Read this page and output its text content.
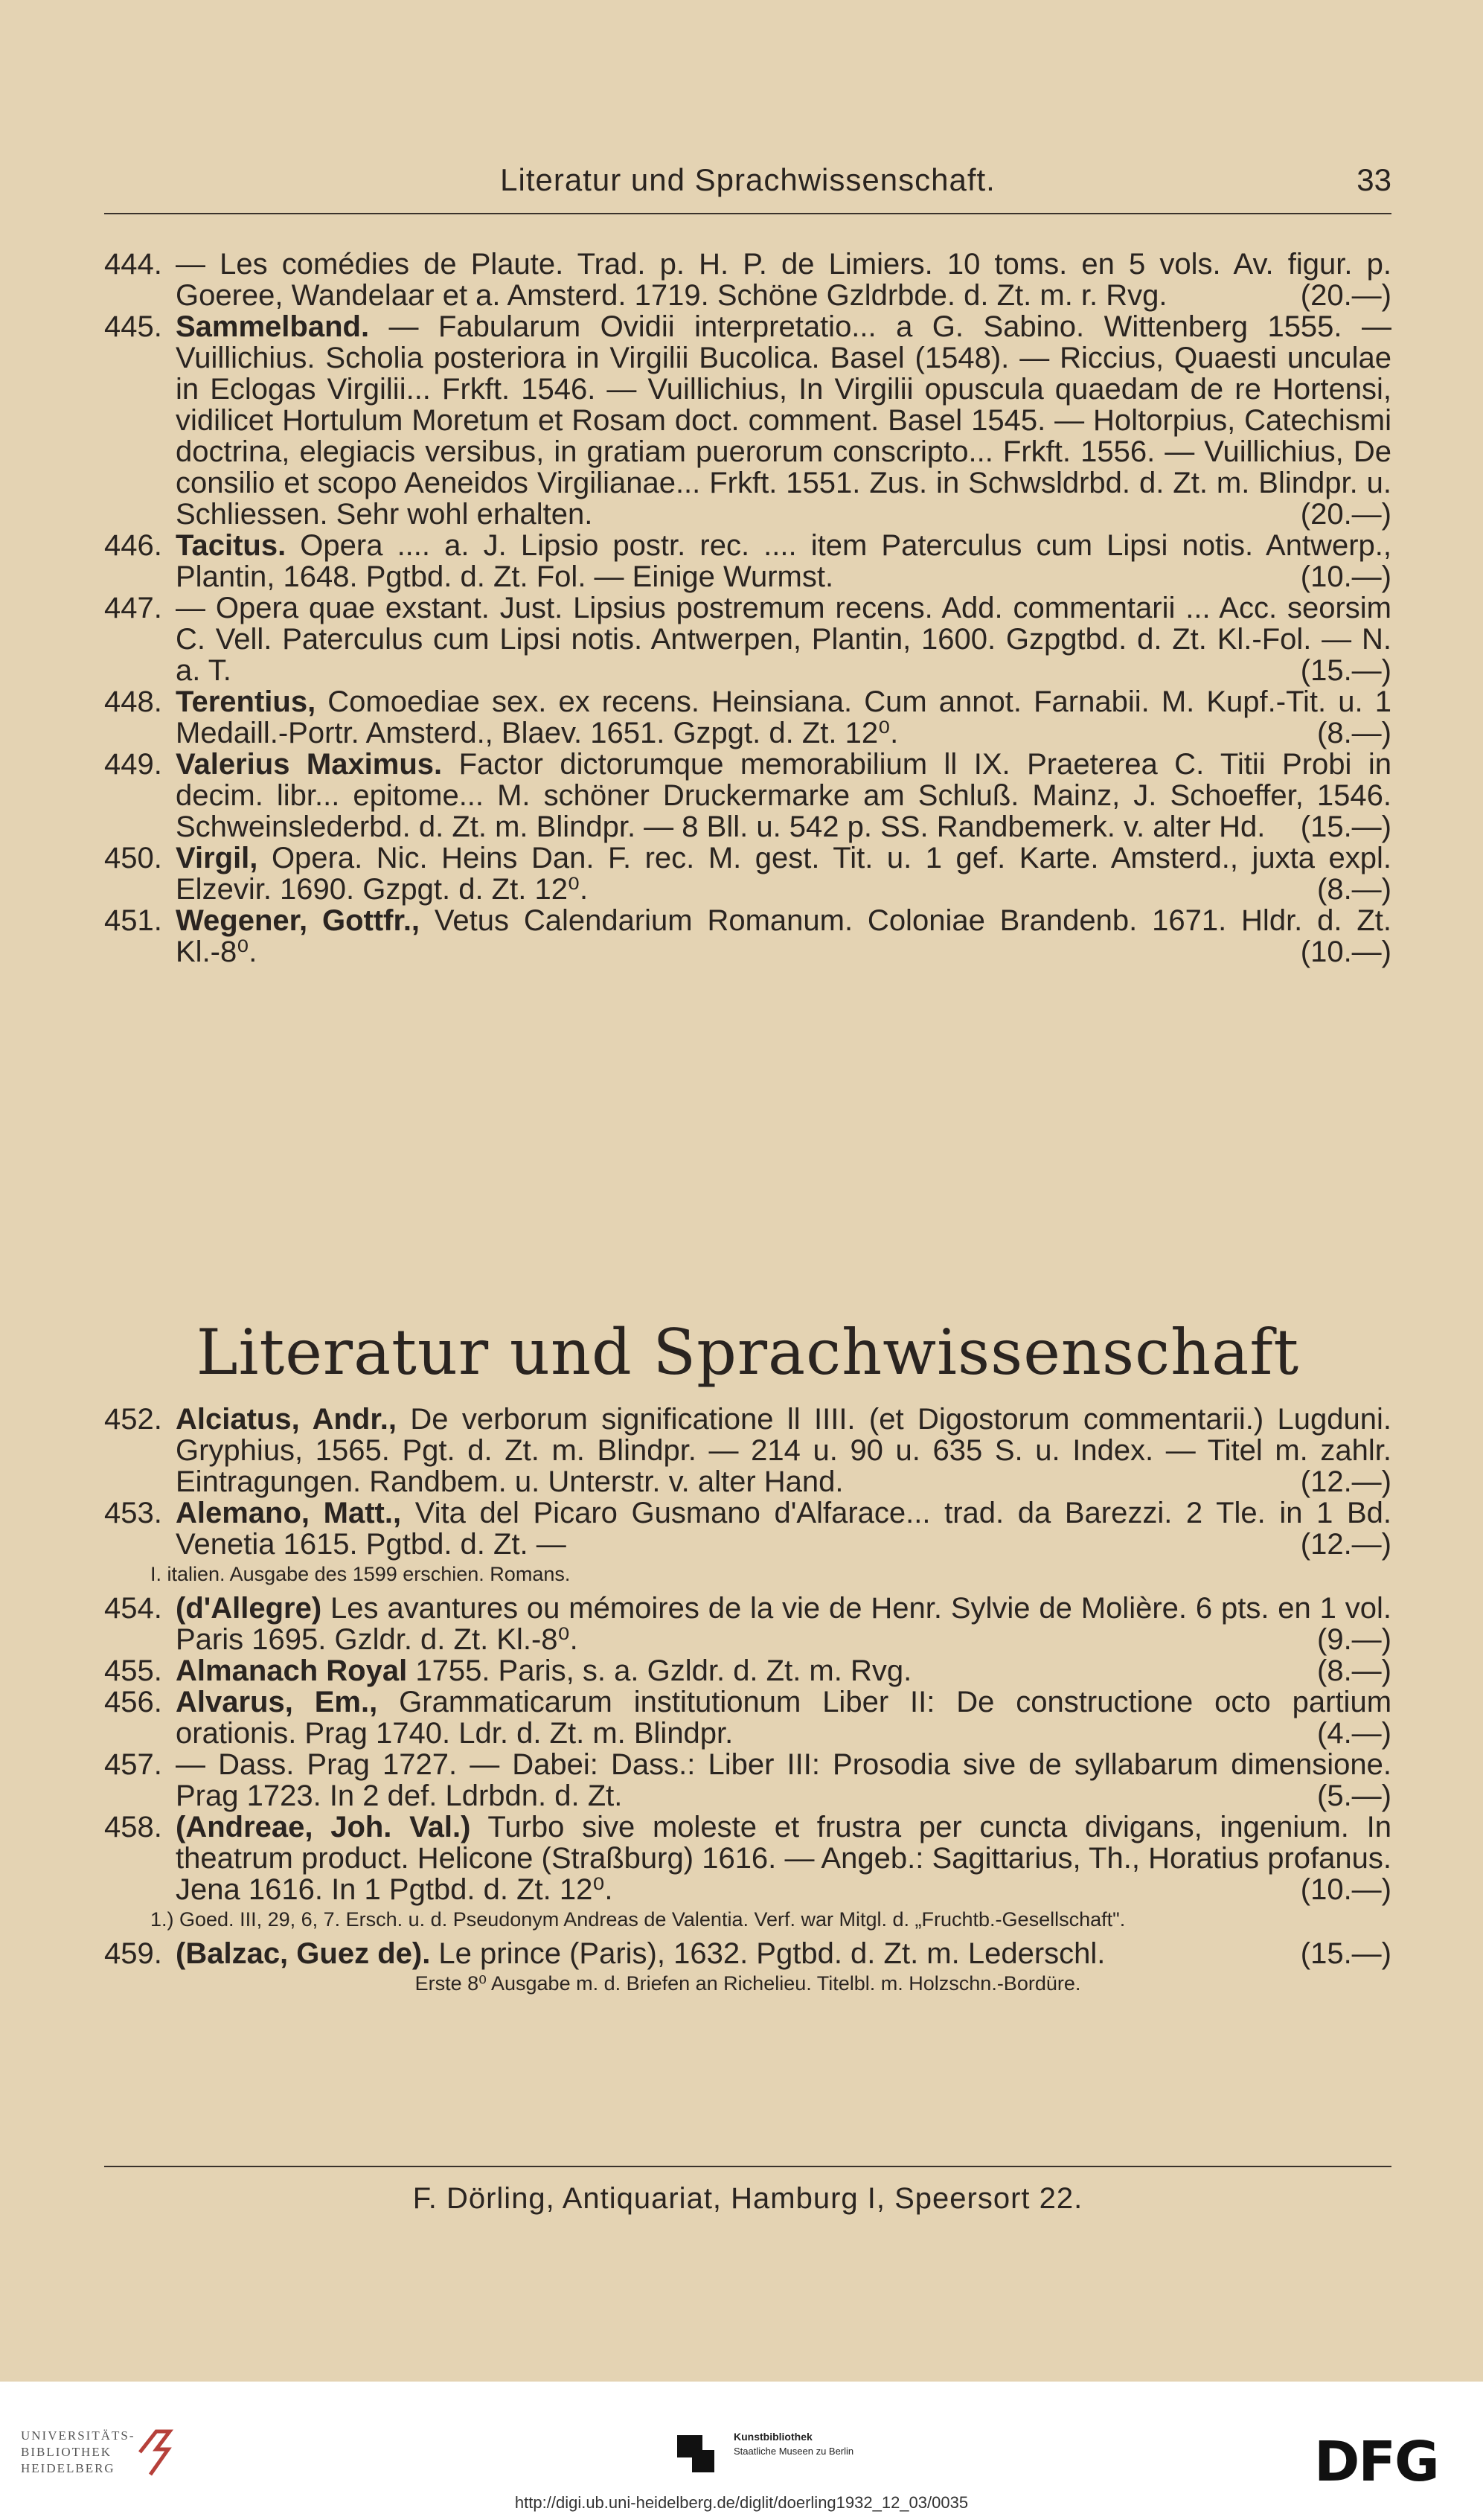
Literatur und Sprachwissenschaft.	33
444. — Les comédies de Plaute. Trad. p. H. P. de Limiers. 10 toms. en 5 vols. Av. figur. p. Goeree, Wandelaar et a. Amsterd. 1719. Schöne Gzldrbde. d. Zt. m. r. Rvg.	(20.—)
445. Sammelband. — Fabularum Ovidii interpretatio... a G. Sabino. Wittenberg 1555. — Vuillichius. Scholia posteriora in Virgilii Bucolica. Basel (1548). — Riccius, Quaesti unculae in Eclogas Virgilii... Frkft. 1546. — Vuillichius, In Virgilii opuscula quaedam de re Hortensi, vidilicet Hortulum Moretum et Rosam doct. comment. Basel 1545. — Holtorpius, Catechismi doctrina, elegiacis versibus, in gratiam puerorum conscripto... Frkft. 1556. — Vuillichius, De consilio et scopo Aeneidos Virgilianae... Frkft. 1551. Zus. in Schwsldrbd. d. Zt. m. Blindpr. u. Schliessen. Sehr wohl erhalten.	(20.—)
446. Tacitus. Opera .... a. J. Lipsio postr. rec. .... item Paterculus cum Lipsi notis. Antwerp., Plantin, 1648. Pgtbd. d. Zt. Fol. — Einige Wurmst.	(10.—)
447. — Opera quae exstant. Just. Lipsius postremum recens. Add. commentarii ... Acc. seorsim C. Vell. Paterculus cum Lipsi notis. Antwerpen, Plantin, 1600. Gzpgtbd. d. Zt. Kl.-Fol. — N. a. T.	(15.—)
448. Terentius, Comoediae sex. ex recens. Heinsiana. Cum annot. Farnabii. M. Kupf.-Tit. u. 1 Medaill.-Portr. Amsterd., Blaev. 1651. Gzpgt. d. Zt. 12⁰.	(8.—)
449. Valerius Maximus. Factor dictorumque memorabilium ll IX. Praeterea C. Titii Probi in decim. libr... epitome... M. schöner Druckermarke am Schluß. Mainz, J. Schoeffer, 1546. Schweinslederbd. d. Zt. m. Blindpr. — 8 Bll. u. 542 p. SS. Randbemerk. v. alter Hd.	(15.—)
450. Virgil, Opera. Nic. Heins Dan. F. rec. M. gest. Tit. u. 1 gef. Karte. Amsterd., juxta expl. Elzevir. 1690. Gzpgt. d. Zt. 12⁰.	(8.—)
451. Wegener, Gottfr., Vetus Calendarium Romanum. Coloniae Brandenb. 1671. Hldr. d. Zt. Kl.-8⁰.	(10.—)
Literatur und Sprachwissenschaft
452. Alciatus, Andr., De verborum significatione ll IIII. (et Digostorum commentarii.) Lugduni. Gryphius, 1565. Pgt. d. Zt. m. Blindpr. — 214 u. 90 u. 635 S. u. Index. — Titel m. zahlr. Eintragungen. Randbem. u. Unterstr. v. alter Hand.	(12.—)
453. Alemano, Matt., Vita del Picaro Gusmano d'Alfarace... trad. da Barezzi. 2 Tle. in 1 Bd. Venetia 1615. Pgtbd. d. Zt. —	(12.—)
I. italien. Ausgabe des 1599 erschien. Romans.
454. (d'Allegre) Les avantures ou mémoires de la vie de Henr. Sylvie de Molière. 6 pts. en 1 vol. Paris 1695. Gzldr. d. Zt. Kl.-8⁰.	(9.—)
455. Almanach Royal 1755. Paris, s. a. Gzldr. d. Zt. m. Rvg.	(8.—)
456. Alvarus, Em., Grammaticarum institutionum Liber II: De constructione octo partium orationis. Prag 1740. Ldr. d. Zt. m. Blindpr.	(4.—)
457. — Dass. Prag 1727. — Dabei: Dass.: Liber III: Prosodia sive de syllabarum dimensione. Prag 1723. In 2 def. Ldrbdn. d. Zt.	(5.—)
458. (Andreae, Joh. Val.) Turbo sive moleste et frustra per cuncta divigans, ingenium. In theatrum product. Helicone (Straßburg) 1616. — Angeb.: Sagittarius, Th., Horatius profanus. Jena 1616. In 1 Pgtbd. d. Zt. 12⁰.	(10.—)
1.) Goed. III, 29, 6, 7. Ersch. u. d. Pseudonym Andreas de Valentia. Verf. war Mitgl. d. „Fruchtb.-Gesellschaft".
459. (Balzac, Guez de). Le prince (Paris), 1632. Pgtbd. d. Zt. m. Lederschl.	(15.—)
Erste 8⁰ Ausgabe m. d. Briefen an Richelieu. Titelbl. m. Holzschn.-Bordüre.
F. Dörling, Antiquariat, Hamburg I, Speersort 22.
UNIVERSITÄTS-
BIBLIOTHEK
HEIDELBERG
Kunstbibliothek
Staatliche Museen zu Berlin	DFG
http://digi.ub.uni-heidelberg.de/diglit/doerling1932_12_03/0035
